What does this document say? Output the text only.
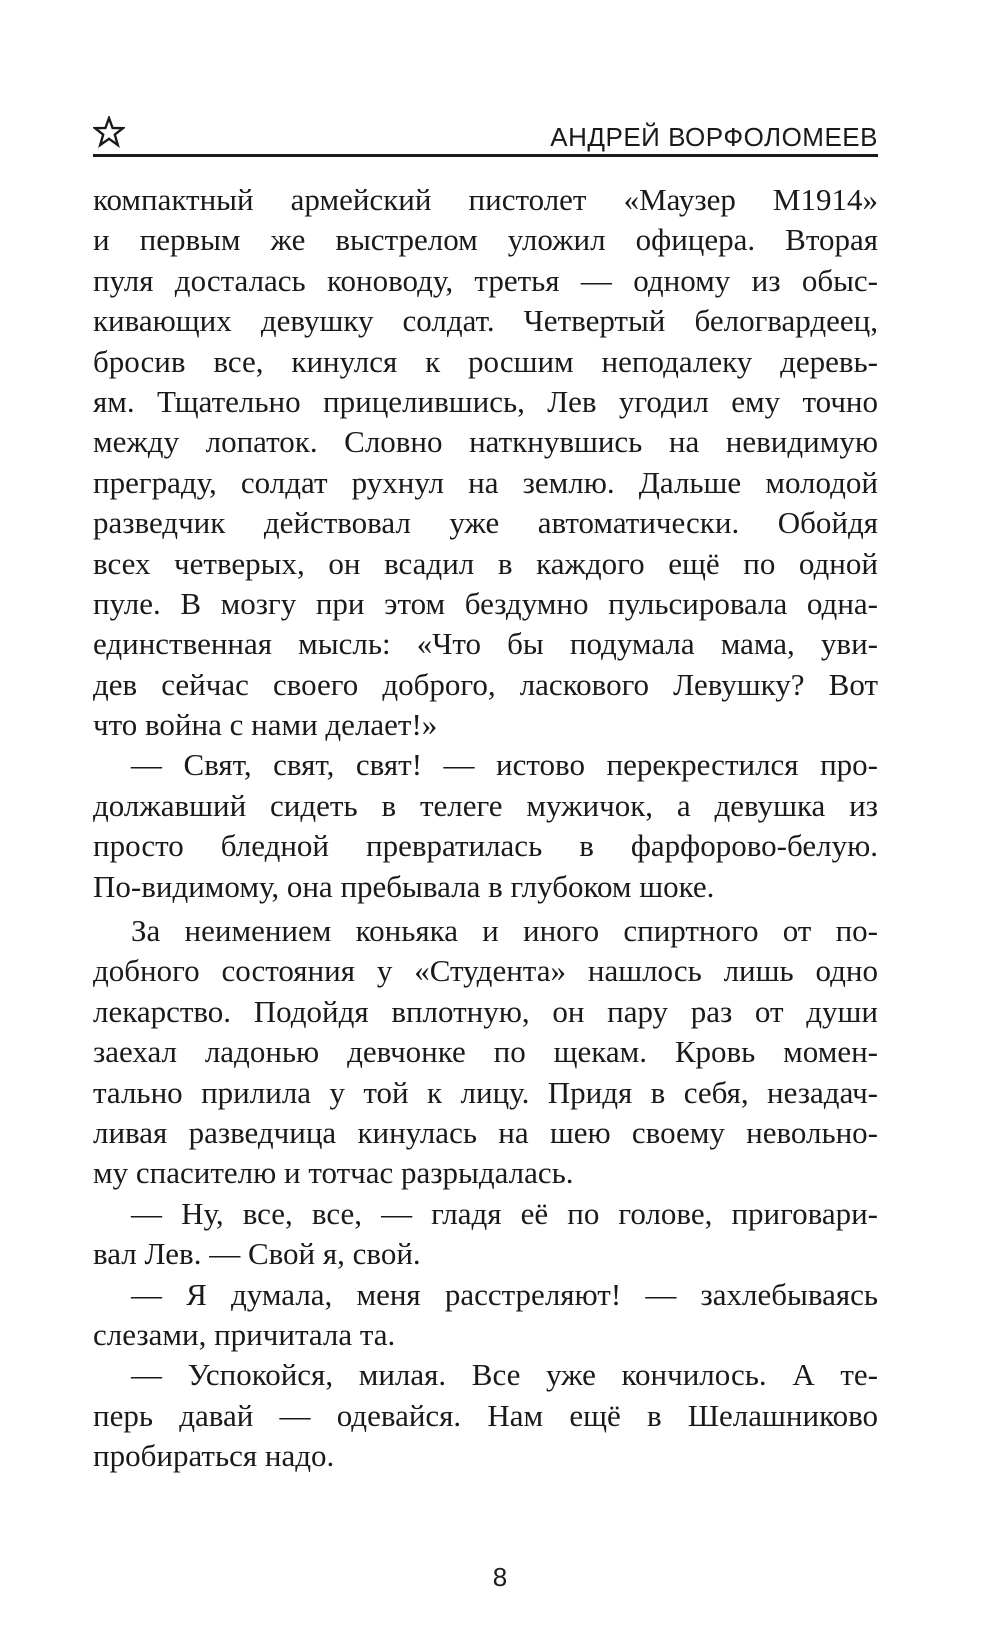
АНДРЕЙ ВОРФОЛОМЕЕВ
компактный армейский пистолет «Маузер М1914»
и первым же выстрелом уложил офицера. Вторая
пуля досталась коноводу, третья — одному из обыс-
кивающих девушку солдат. Четвертый белогвардеец,
бросив все, кинулся к росшим неподалеку деревь-
ям. Тщательно прицелившись, Лев угодил ему точно
между лопаток. Словно наткнувшись на невидимую
преграду, солдат рухнул на землю. Дальше молодой
разведчик действовал уже автоматически. Обойдя
всех четверых, он всадил в каждого ещё по одной
пуле. В мозгу при этом бездумно пульсировала одна-
единственная мысль: «Что бы подумала мама, уви-
дев сейчас своего доброго, ласкового Левушку? Вот
что война с нами делает!»
— Свят, свят, свят! — истово перекрестился про-
должавший сидеть в телеге мужичок, а девушка из
просто бледной превратилась в фарфорово-белую.
По-видимому, она пребывала в глубоком шоке.
За неимением коньяка и иного спиртного от по-
добного состояния у «Студента» нашлось лишь одно
лекарство. Подойдя вплотную, он пару раз от души
заехал ладонью девчонке по щекам. Кровь момен-
тально прилила у той к лицу. Придя в себя, незадач-
ливая разведчица кинулась на шею своему невольно-
му спасителю и тотчас разрыдалась.
— Ну, все, все, — гладя её по голове, приговари-
вал Лев. — Свой я, свой.
— Я думала, меня расстреляют! — захлебываясь
слезами, причитала та.
— Успокойся, милая. Все уже кончилось. А те-
перь давай — одевайся. Нам ещё в Шелашниково
пробираться надо.
8
